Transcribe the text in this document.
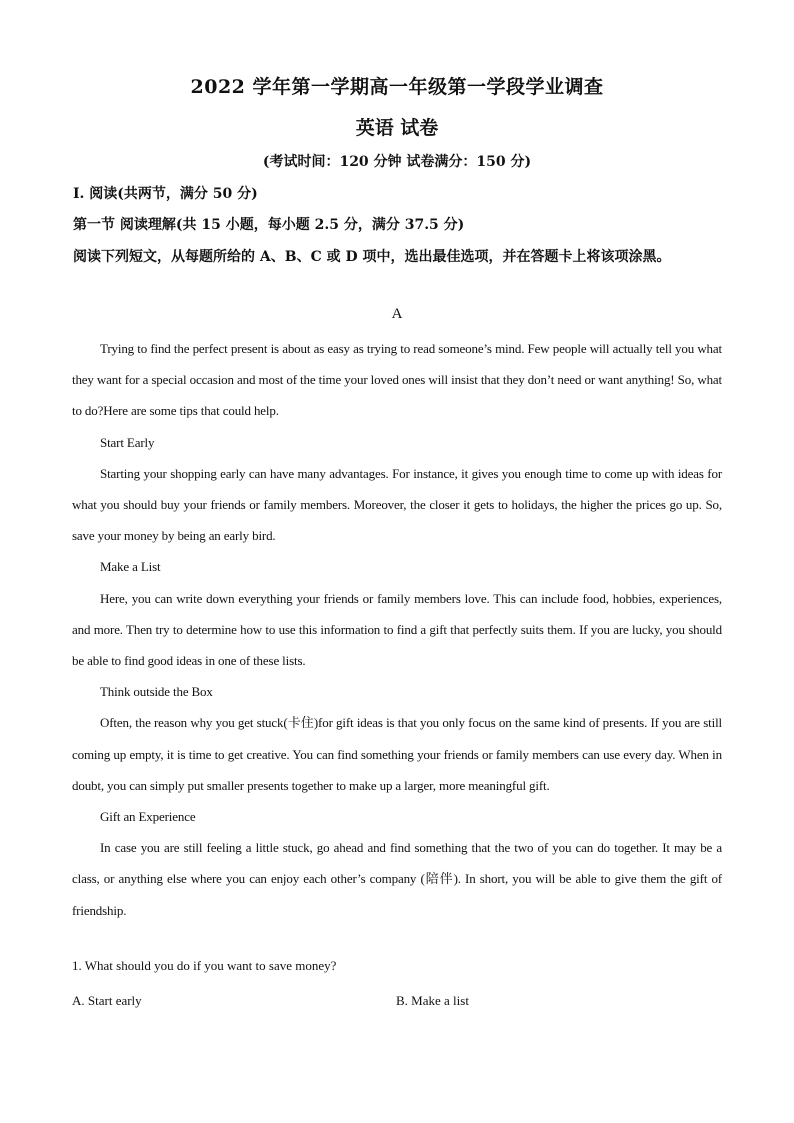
2022 学年第一学期高一年级第一学段学业调查
英语 试卷
(考试时间：120 分钟 试卷满分：150 分)
I. 阅读(共两节，满分 50 分)
第一节 阅读理解(共 15 小题，每小题 2.5 分，满分 37.5 分)
阅读下列短文，从每题所给的 A、B、C 或 D 项中，选出最佳选项，并在答题卡上将该项涂黑。
A

Trying to find the perfect present is about as easy as trying to read someone’s mind. Few people will actually tell you what they want for a special occasion and most of the time your loved ones will insist that they don’t need or want anything! So, what to do?Here are some tips that could help.

Start Early

Starting your shopping early can have many advantages. For instance, it gives you enough time to come up with ideas for what you should buy your friends or family members. Moreover, the closer it gets to holidays, the higher the prices go up. So, save your money by being an early bird.

Make a List

Here, you can write down everything your friends or family members love. This can include food, hobbies, experiences, and more. Then try to determine how to use this information to find a gift that perfectly suits them. If you are lucky, you should be able to find good ideas in one of these lists.

Think outside the Box

Often, the reason why you get stuck(卡住)for gift ideas is that you only focus on the same kind of presents. If you are still coming up empty, it is time to get creative. You can find something your friends or family members can use every day. When in doubt, you can simply put smaller presents together to make up a larger, more meaningful gift.

Gift an Experience

In case you are still feeling a little stuck, go ahead and find something that the two of you can do together. It may be a class, or anything else where you can enjoy each other’s company (陪伴). In short, you will be able to give them the gift of friendship.

1. What should you do if you want to save money?
A. Start early	B. Make a list
